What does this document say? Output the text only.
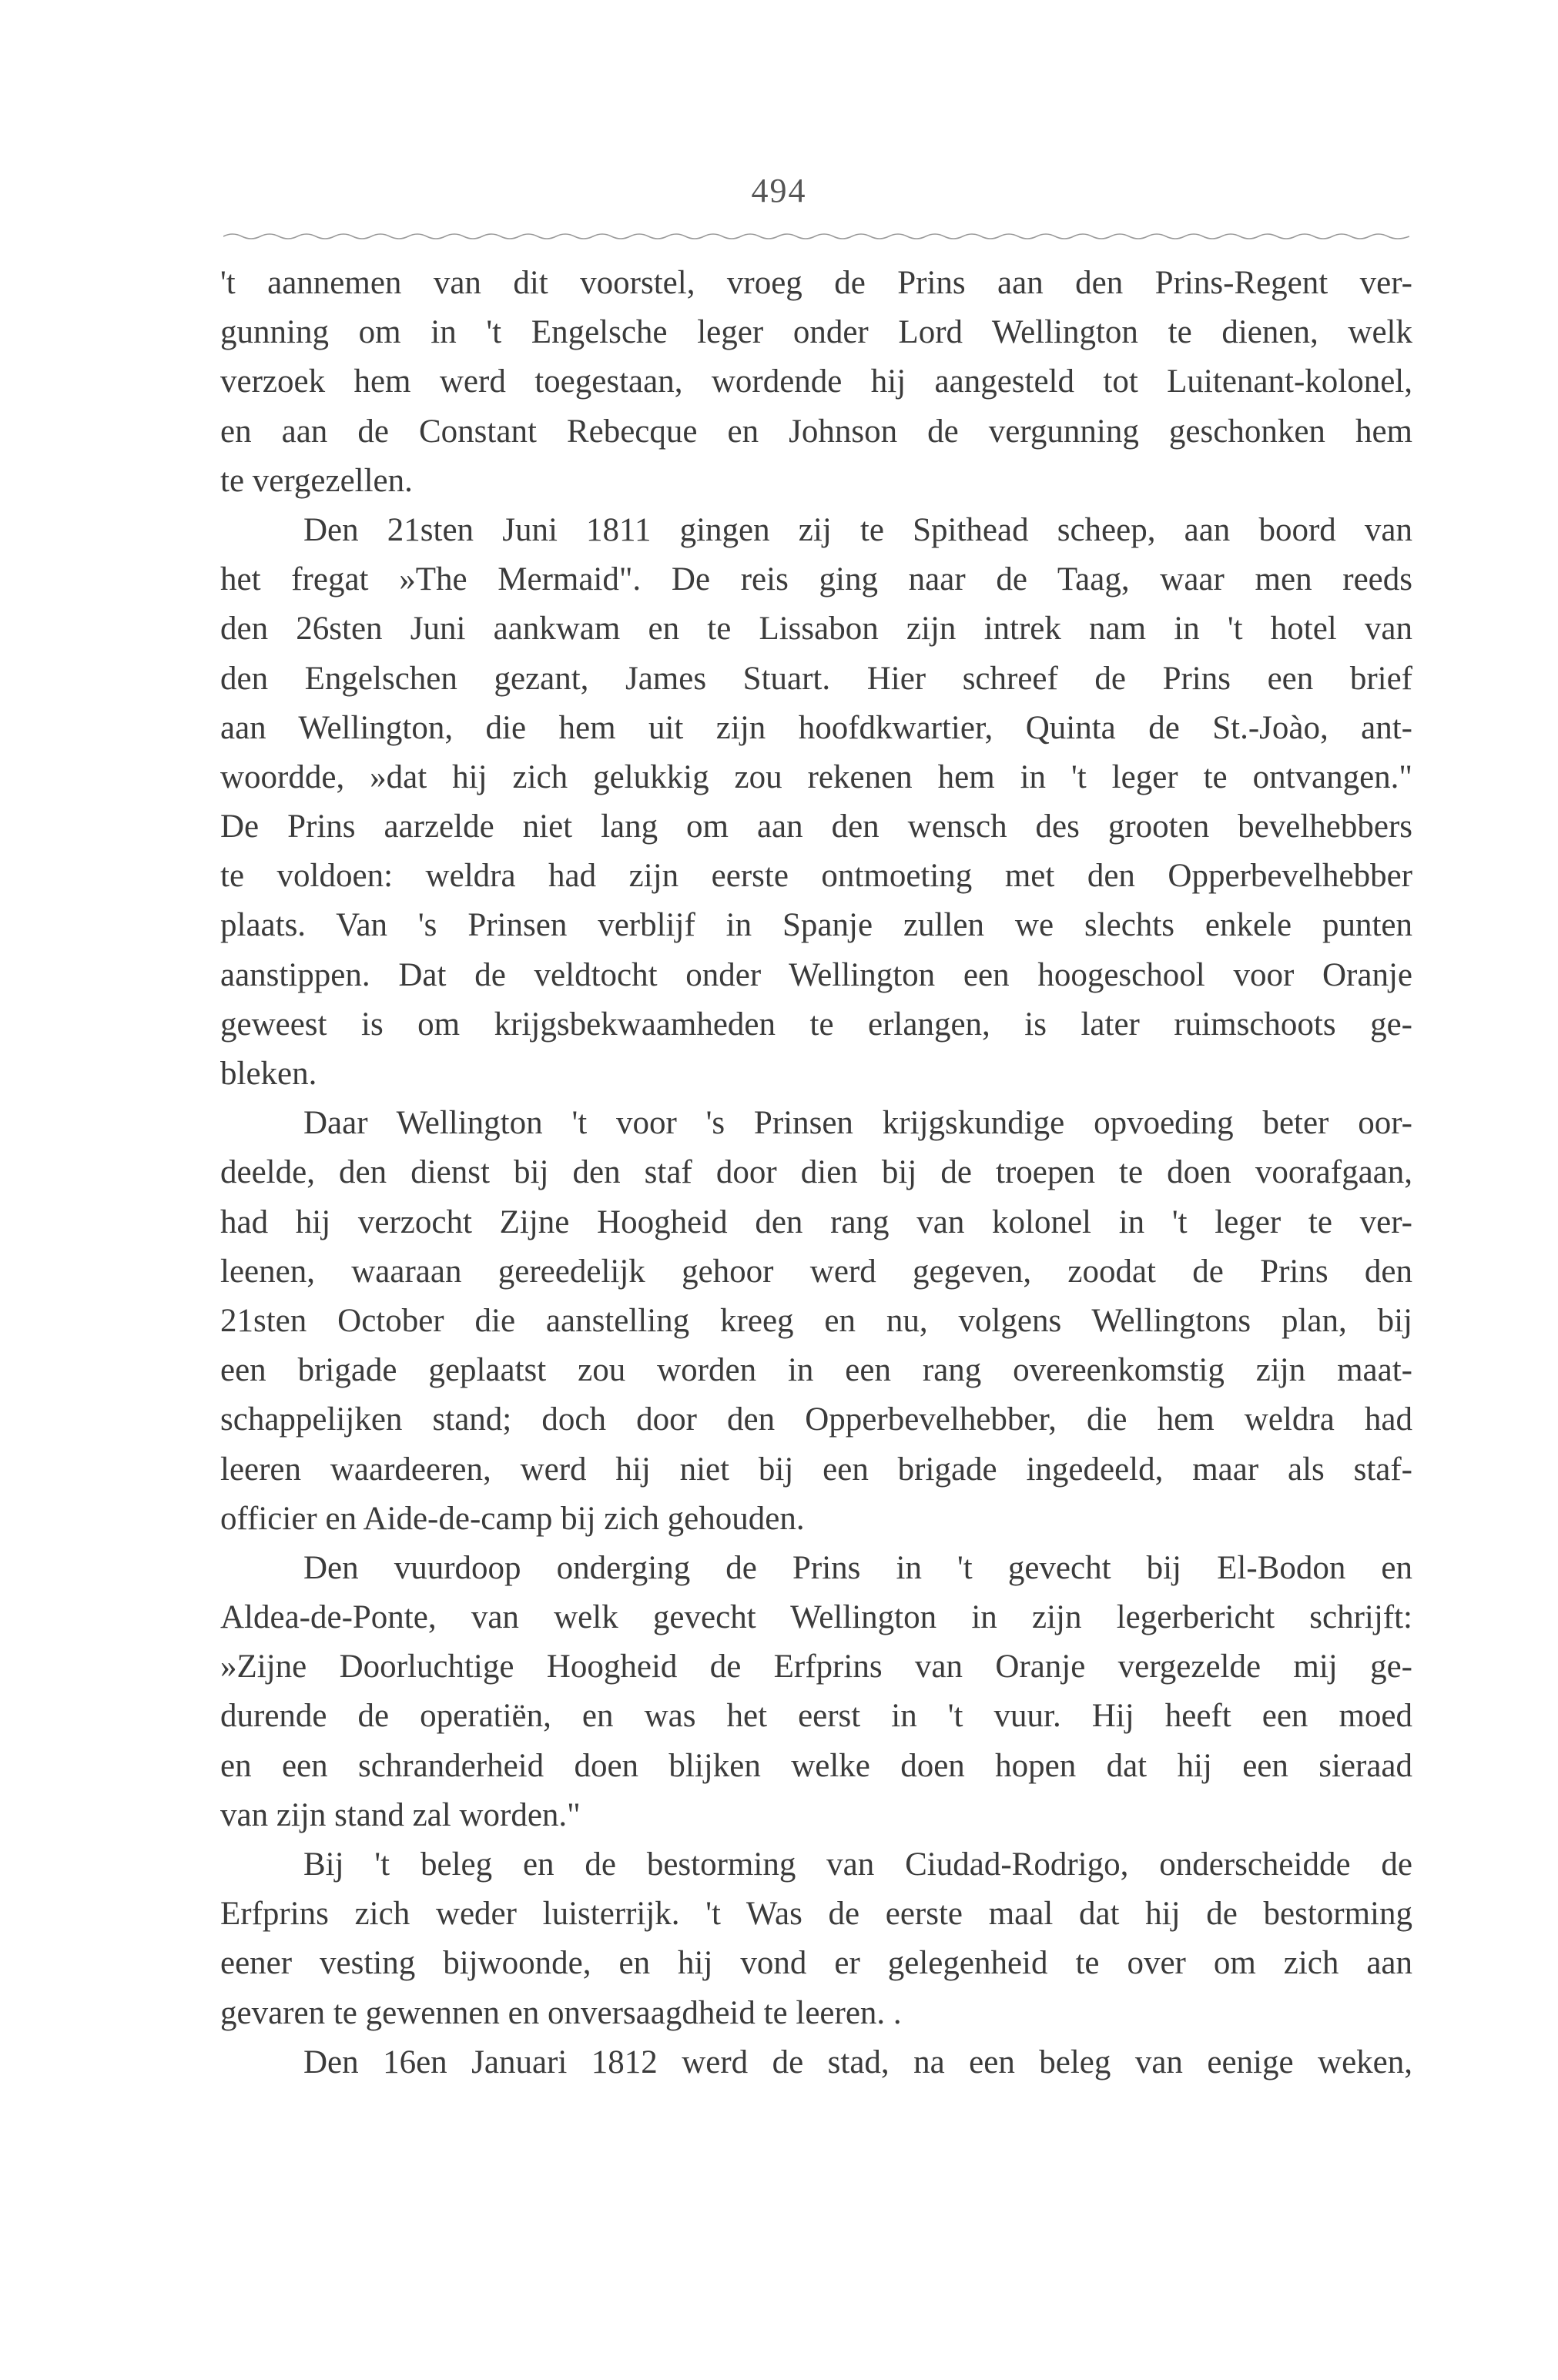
494
't aannemen van dit voorstel, vroeg de Prins aan den Prins-Regent ver-
gunning om in 't Engelsche leger onder Lord Wellington te dienen, welk
verzoek hem werd toegestaan, wordende hij aangesteld tot Luitenant-kolonel,
en aan de Constant Rebecque en Johnson de vergunning geschonken hem
te vergezellen.
Den 21sten Juni 1811 gingen zij te Spithead scheep, aan boord van
het fregat »The Mermaid". De reis ging naar de Taag, waar men reeds
den 26sten Juni aankwam en te Lissabon zijn intrek nam in 't hotel van
den Engelschen gezant, James Stuart. Hier schreef de Prins een brief
aan Wellington, die hem uit zijn hoofdkwartier, Quinta de St.-Joào, ant-
woordde, »dat hij zich gelukkig zou rekenen hem in 't leger te ontvangen."
De Prins aarzelde niet lang om aan den wensch des grooten bevelhebbers
te voldoen: weldra had zijn eerste ontmoeting met den Opperbevelhebber
plaats. Van 's Prinsen verblijf in Spanje zullen we slechts enkele punten
aanstippen. Dat de veldtocht onder Wellington een hoogeschool voor Oranje
geweest is om krijgsbekwaamheden te erlangen, is later ruimschoots ge-
bleken.
Daar Wellington 't voor 's Prinsen krijgskundige opvoeding beter oor-
deelde, den dienst bij den staf door dien bij de troepen te doen voorafgaan,
had hij verzocht Zijne Hoogheid den rang van kolonel in 't leger te ver-
leenen, waaraan gereedelijk gehoor werd gegeven, zoodat de Prins den
21sten October die aanstelling kreeg en nu, volgens Wellingtons plan, bij
een brigade geplaatst zou worden in een rang overeenkomstig zijn maat-
schappelijken stand; doch door den Opperbevelhebber, die hem weldra had
leeren waardeeren, werd hij niet bij een brigade ingedeeld, maar als staf-
officier en Aide-de-camp bij zich gehouden.
Den vuurdoop onderging de Prins in 't gevecht bij El-Bodon en
Aldea-de-Ponte, van welk gevecht Wellington in zijn legerbericht schrijft:
»Zijne Doorluchtige Hoogheid de Erfprins van Oranje vergezelde mij ge-
durende de operatiën, en was het eerst in 't vuur. Hij heeft een moed
en een schranderheid doen blijken welke doen hopen dat hij een sieraad
van zijn stand zal worden."
Bij 't beleg en de bestorming van Ciudad-Rodrigo, onderscheidde de
Erfprins zich weder luisterrijk. 't Was de eerste maal dat hij de bestorming
eener vesting bijwoonde, en hij vond er gelegenheid te over om zich aan
gevaren te gewennen en onversaagdheid te leeren. .
Den 16en Januari 1812 werd de stad, na een beleg van eenige weken,
